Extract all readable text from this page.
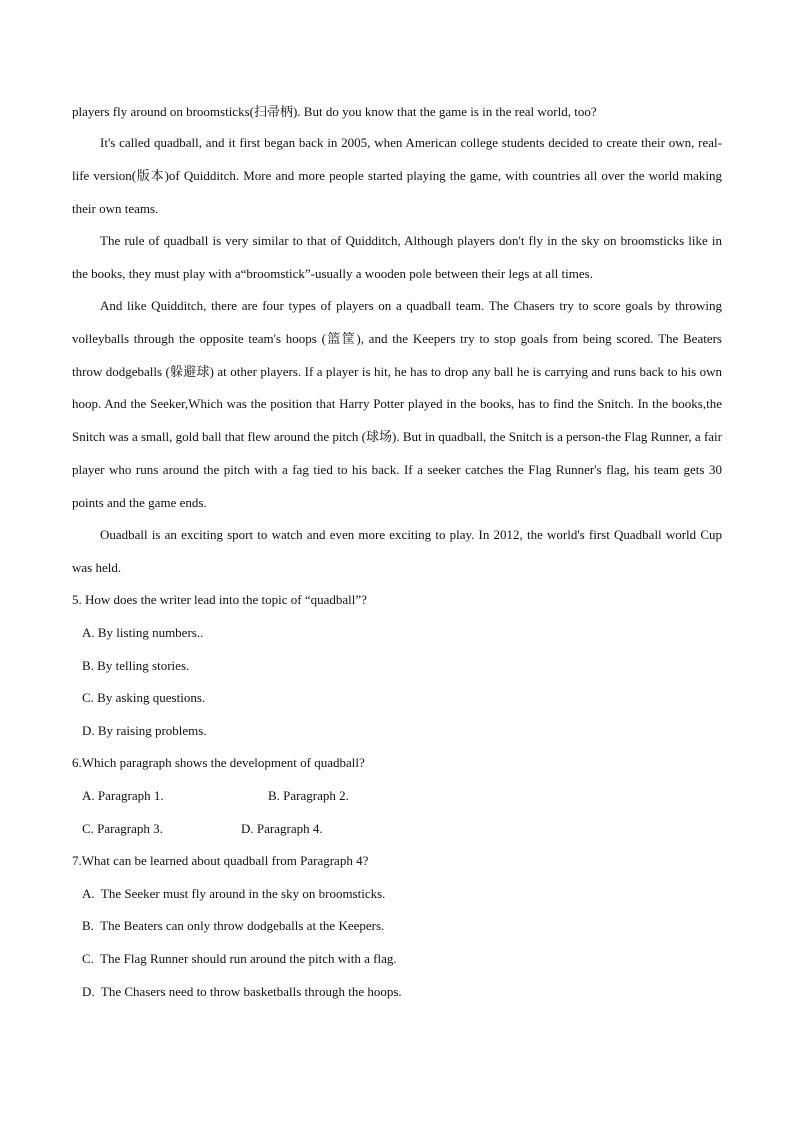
players fly around on broomsticks(扫帚柄). But do you know that the game is in the real world, too?

It's called quadball, and it first began back in 2005, when American college students decided to create their own, real-life version(版本)of Quidditch. More and more people started playing the game, with countries all over the world making their own teams.

The rule of quadball is very similar to that of Quidditch, Although players don't fly in the sky on broomsticks like in the books, they must play with a“broomstick”-usually a wooden pole between their legs at all times.

And like Quidditch, there are four types of players on a quadball team. The Chasers try to score goals by throwing volleyballs through the opposite team's hoops (篮筐), and the Keepers try to stop goals from being scored. The Beaters throw dodgeballs (躲避球) at other players. If a player is hit, he has to drop any ball he is carrying and runs back to his own hoop. And the Seeker,Which was the position that Harry Potter played in the books, has to find the Snitch. In the books,the Snitch was a small, gold ball that flew around the pitch (球场). But in quadball, the Snitch is a person-the Flag Runner, a fair player who runs around the pitch with a fag tied to his back. If a seeker catches the Flag Runner's flag, his team gets 30 points and the game ends.

Ouadball is an exciting sport to watch and even more exciting to play. In 2012, the world's first Quadball world Cup was held.

5. How does the writer lead into the topic of “quadball”?

A. By listing numbers..

B. By telling stories.

C. By asking questions.

D. By raising problems.

6.Which paragraph shows the development of quadball?

A. Paragraph 1.	B. Paragraph 2.

C. Paragraph 3.	D. Paragraph 4.

7.What can be learned about quadball from Paragraph 4?

A.  The Seeker must fly around in the sky on broomsticks.

B.  The Beaters can only throw dodgeballs at the Keepers.

C.  The Flag Runner should run around the pitch with a flag.

D.  The Chasers need to throw basketballs through the hoops.
